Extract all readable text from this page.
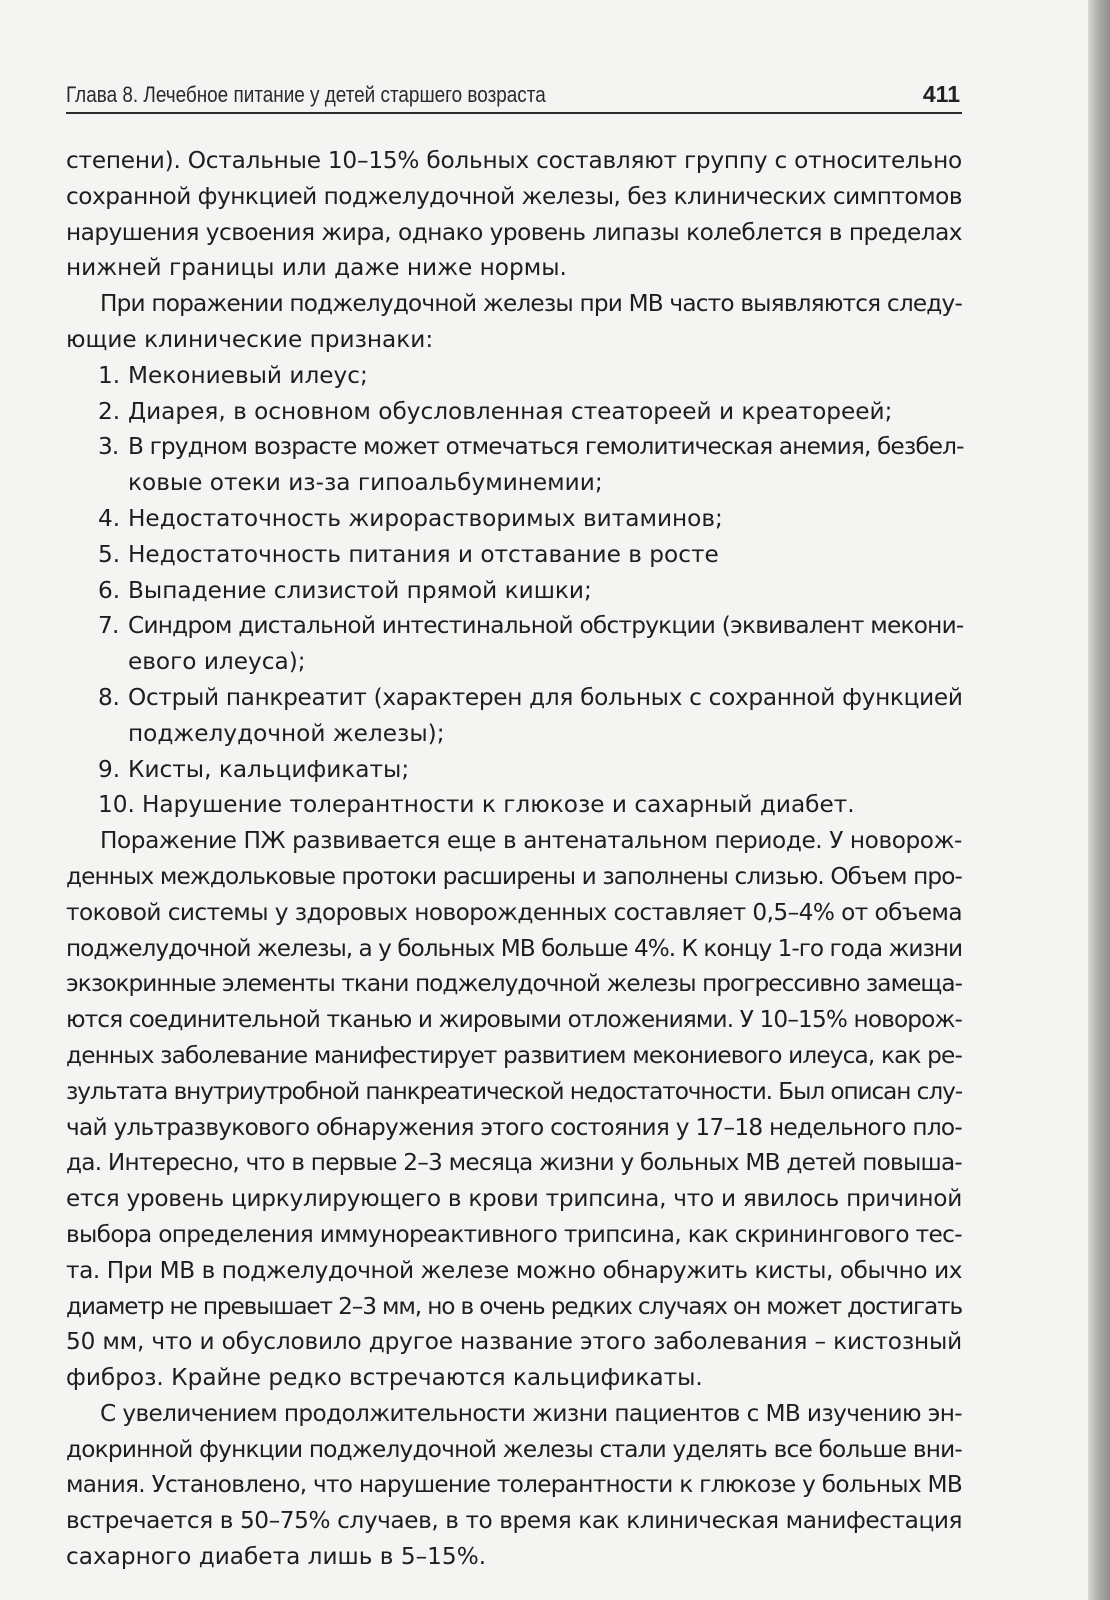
Глава 8. Лечебное питание у детей старшего возраста	411
степени). Остальные 10–15% больных составляют группу с относительно
сохранной функцией поджелудочной железы, без клинических симптомов
нарушения усвоения жира, однако уровень липазы колеблется в пределах
нижней границы или даже ниже нормы.
При поражении поджелудочной железы при МВ часто выявляются следу-
ющие клинические признаки:
1. Мекониевый илеус;
2. Диарея, в основном обусловленная стеатореей и креатореей;
3. В грудном возрасте может отмечаться гемолитическая анемия, безбел-
ковые отеки из-за гипоальбуминемии;
4. Недостаточность жирорастворимых витаминов;
5. Недостаточность питания и отставание в росте
6. Выпадение слизистой прямой кишки;
7. Синдром дистальной интестинальной обструкции (эквивалент мекони-
евого илеуса);
8. Острый панкреатит (характерен для больных с сохранной функцией
поджелудочной железы);
9. Кисты, кальцификаты;
10. Нарушение толерантности к глюкозе и сахарный диабет.
Поражение ПЖ развивается еще в антенатальном периоде. У новорож-
денных междольковые протоки расширены и заполнены слизью. Объем про-
токовой системы у здоровых новорожденных составляет 0,5–4% от объема
поджелудочной железы, а у больных МВ больше 4%. К концу 1-го года жизни
экзокринные элементы ткани поджелудочной железы прогрессивно замеща-
ются соединительной тканью и жировыми отложениями. У 10–15% новорож-
денных заболевание манифестирует развитием мекониевого илеуса, как ре-
зультата внутриутробной панкреатической недостаточности. Был описан слу-
чай ультразвукового обнаружения этого состояния у 17–18 недельного пло-
да. Интересно, что в первые 2–3 месяца жизни у больных МВ детей повыша-
ется уровень циркулирующего в крови трипсина, что и явилось причиной
выбора определения иммунореактивного трипсина, как скринингового тес-
та. При МВ в поджелудочной железе можно обнаружить кисты, обычно их
диаметр не превышает 2–3 мм, но в очень редких случаях он может достигать
50 мм, что и обусловило другое название этого заболевания – кистозный
фиброз. Крайне редко встречаются кальцификаты.
С увеличением продолжительности жизни пациентов с МВ изучению эн-
докринной функции поджелудочной железы стали уделять все больше вни-
мания. Установлено, что нарушение толерантности к глюкозе у больных МВ
встречается в 50–75% случаев, в то время как клиническая манифестация
сахарного диабета лишь в 5–15%.
